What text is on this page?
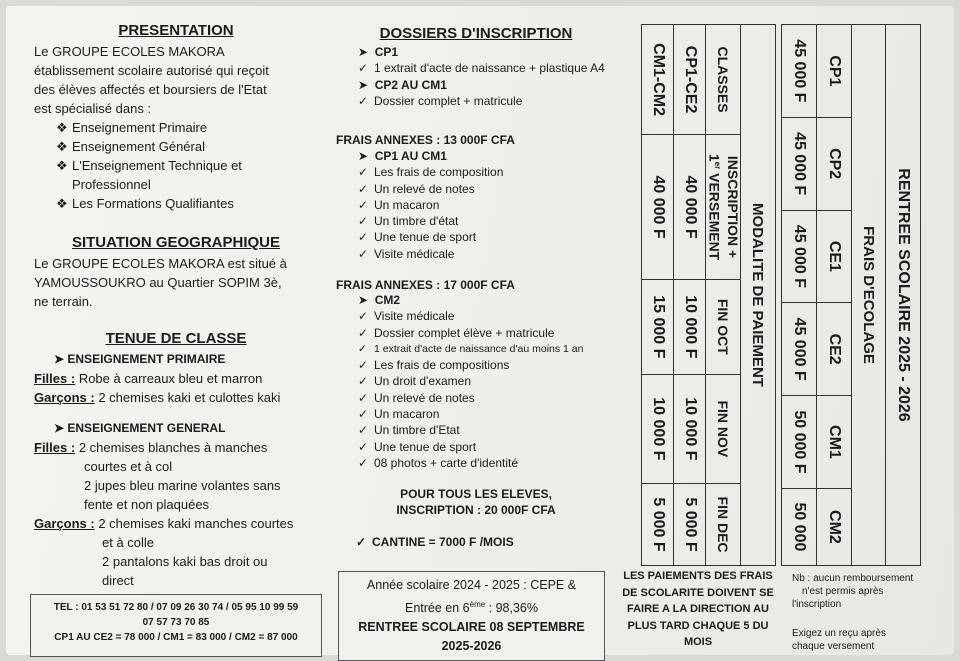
PRESENTATION
Le GROUPE ECOLES MAKORA
établissement scolaire autorisé qui reçoit
des élèves affectés et boursiers de l'Etat
est spécialisé dans :
❖ Enseignement Primaire
❖ Enseignement Général
❖ L'Enseignement Technique et
Professionnel
❖ Les Formations Qualifiantes
SITUATION GEOGRAPHIQUE
Le GROUPE ECOLES MAKORA est situé à
YAMOUSSOUKRO au Quartier SOPIM 3è,
ne terrain.
TENUE DE CLASSE
➤ ENSEIGNEMENT PRIMAIRE
Filles : Robe à carreaux bleu et marron
Garçons : 2 chemises kaki et culottes kaki
➤ ENSEIGNEMENT GENERAL
Filles : 2 chemises blanches à manches
courtes et à col
2 jupes bleu marine volantes sans
fente et non plaquées
Garçons : 2 chemises kaki manches courtes
et à colle
2 pantalons kaki bas droit ou
direct
TEL : 01 53 51 72 80 / 07 09 26 30 74 / 05 95 10 99 59
07 57 73 70 85
CP1 AU CE2 = 78 000 / CM1 = 83 000 / CM2 = 87 000
DOSSIERS D'INSCRIPTION
➤  CP1
✓ 1 extrait d'acte de naissance + plastique A4
➤  CP2 AU CM1
✓ Dossier complet + matricule
FRAIS ANNEXES : 13 000F CFA
➤  CP1 AU CM1
✓ Les frais de composition
✓ Un relevé de notes
✓ Un macaron
✓ Un timbre d'état
✓ Une tenue de sport
✓ Visite médicale
FRAIS ANNEXES : 17 000F CFA
➤  CM2
✓ Visite médicale
✓ Dossier complet élève + matricule
✓ 1 extrait d'acte de naissance d'au moins 1 an
✓ Les frais de compositions
✓ Un droit d'examen
✓ Un relevé de notes
✓ Un macaron
✓ Un timbre d'Etat
✓ Une tenue de sport
✓ 08 photos + carte d'identité
POUR TOUS LES ELEVES,
INSCRIPTION : 20 000F CFA
✓ CANTINE = 7000 F /MOIS
Année scolaire 2024 - 2025 : CEPE &
Entrée en 6ème : 98,36%
RENTREE SCOLAIRE 08 SEPTEMBRE
2025-2026
MODALITE DE PAIEMENT				
CLASSES	INSCRIPTION +
1er VERSEMENT	FIN OCT	FIN NOV	FIN DEC
CP1-CE2	40 000 F	10 000 F	10 000 F	5 000 F
CM1-CM2	40 000 F	15 000 F	10 000 F	5 000 F
RENTREE SCOLAIRE 2025 - 2026					
FRAIS D'ECOLAGE					
CP1	CP2	CE1	CE2	CM1	CM2
45 000 F	45 000 F	45 000 F	45 000 F	50 000 F	50 000
LES PAIEMENTS DES FRAIS
DE SCOLARITE DOIVENT SE
FAIRE A LA DIRECTION AU
PLUS TARD CHAQUE 5 DU
MOIS
Nb : aucun remboursement
n'est permis après
l'inscription
Exigez un reçu après
chaque versement
